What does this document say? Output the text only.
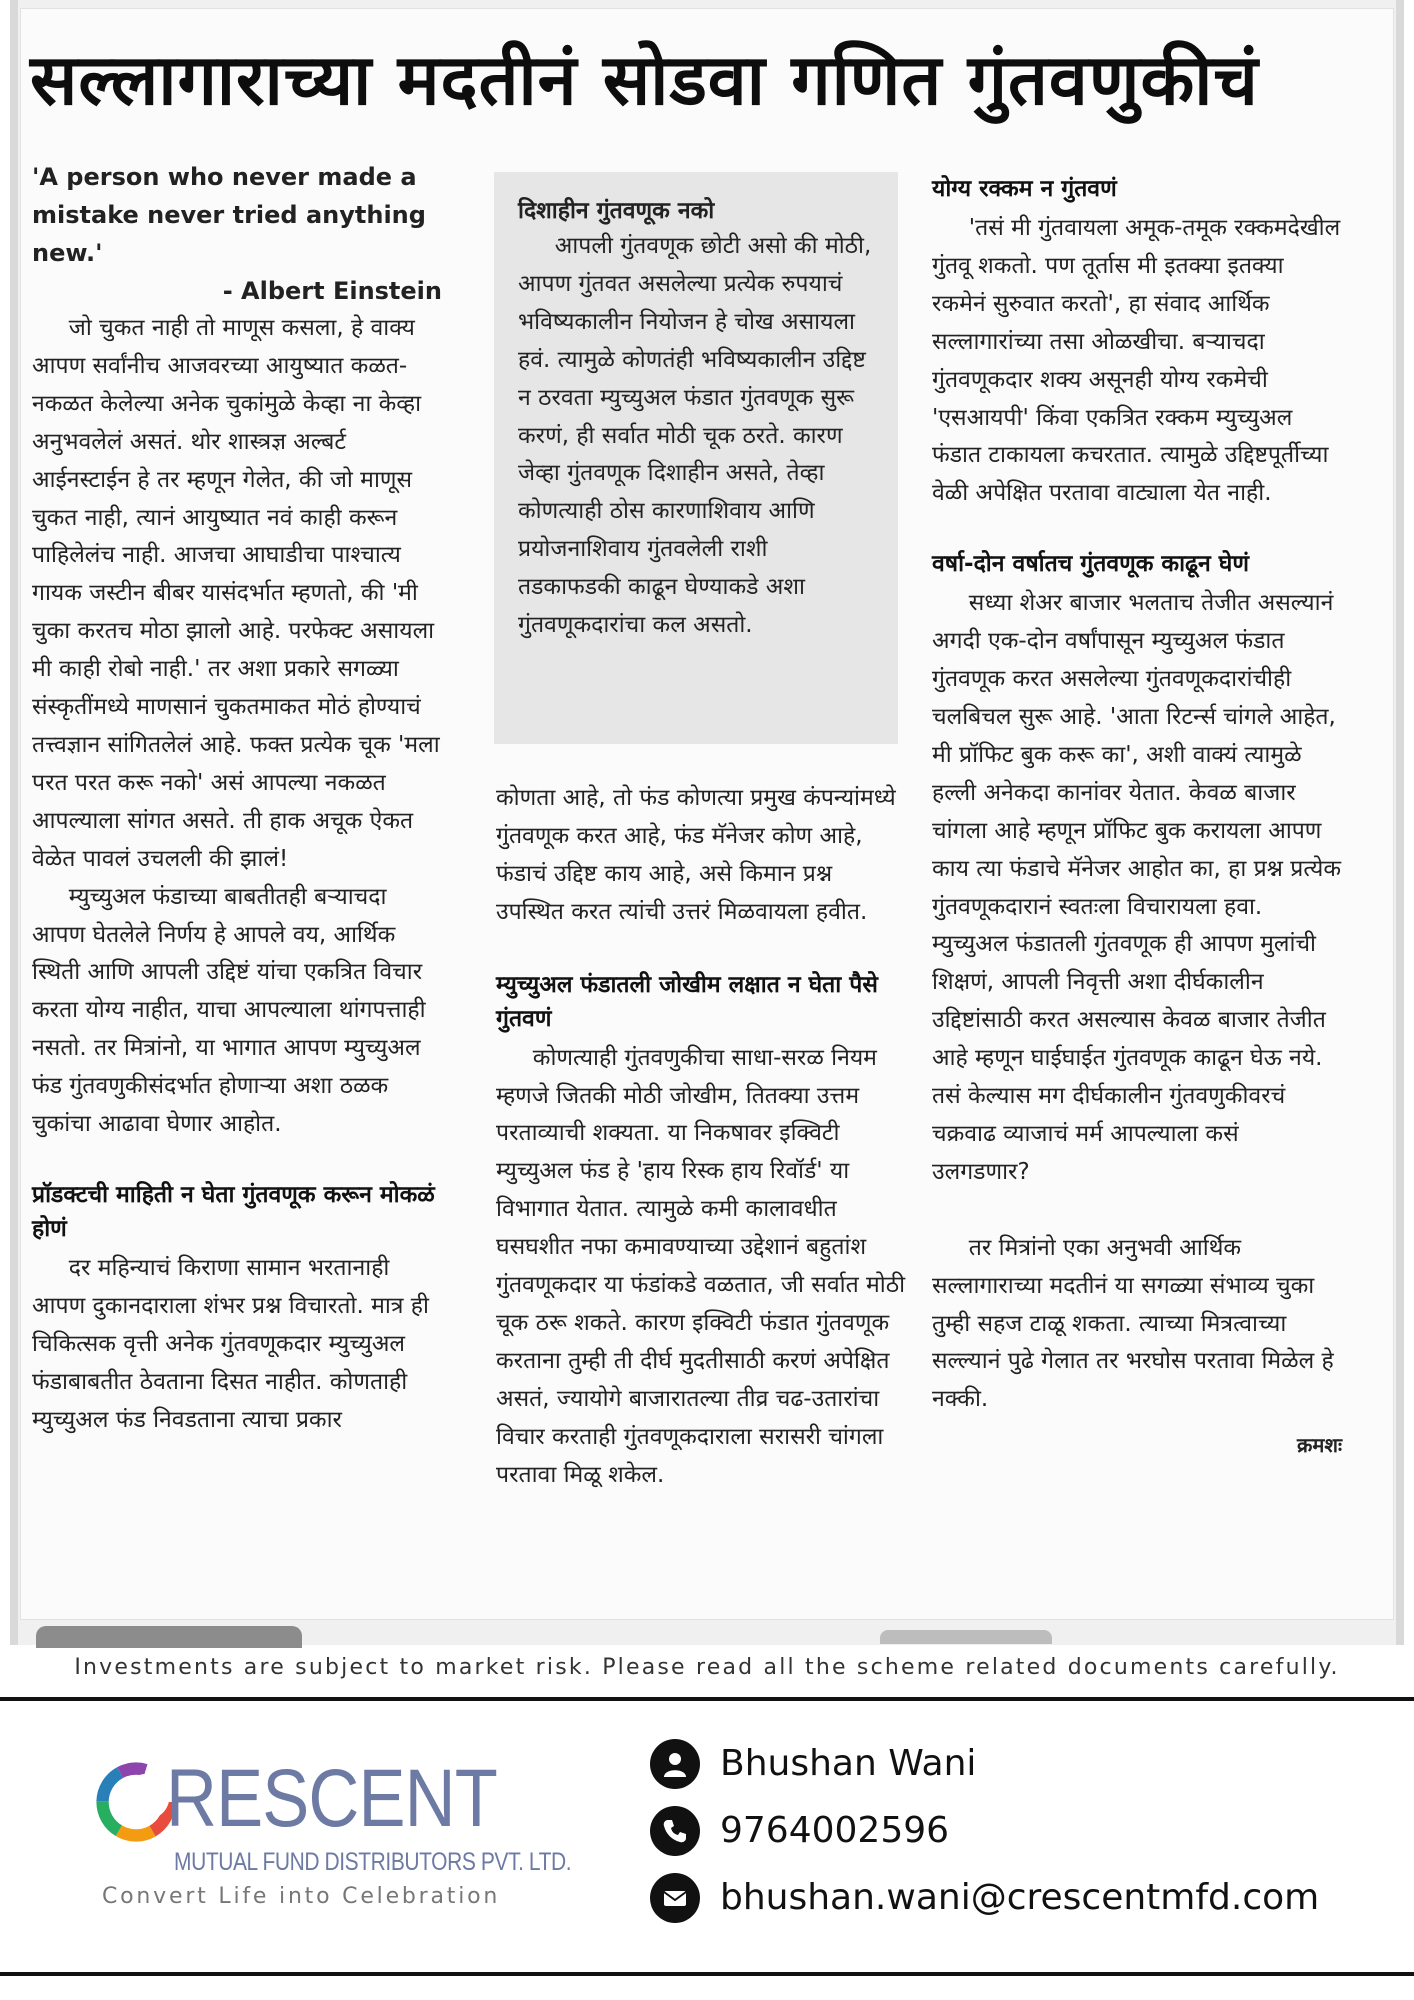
सल्लागाराच्या मदतीनं सोडवा गणित गुंतवणुकीचं

'A person who never made a

mistake never tried anything new.'

- Albert Einstein

जो चुकत नाही तो माणूस कसला, हे वाक्य आपण सर्वांनीच आजवरच्या आयुष्यात कळत-नकळत केलेल्या अनेक चुकांमुळे केव्हा ना केव्हा अनुभवलेलं असतं. थोर शास्त्रज्ञ अल्बर्ट आईनस्टाईन हे तर म्हणून गेलेत, की जो माणूस चुकत नाही, त्यानं आयुष्यात नवं काही करून पाहिलेलंच नाही. आजचा आघाडीचा पाश्चात्य गायक जस्टीन बीबर यासंदर्भात म्हणतो, की 'मी चुका करतच मोठा झालो आहे. परफेक्ट असायला मी काही रोबो नाही.' तर अशा प्रकारे सगळ्या संस्कृतींमध्ये माणसानं चुकतमाकत मोठं होण्याचं तत्त्वज्ञान सांगितलेलं आहे. फक्त प्रत्येक चूक 'मला परत परत करू नको' असं आपल्या नकळत आपल्याला सांगत असते. ती हाक अचूक ऐकत वेळेत पावलं उचलली की झालं!

म्युच्युअल फंडाच्या बाबतीतही बऱ्याचदा आपण घेतलेले निर्णय हे आपले वय, आर्थिक स्थिती आणि आपली उद्दिष्टं यांचा एकत्रित विचार करता योग्य नाहीत, याचा आपल्याला थांगपत्ताही नसतो. तर मित्रांनो, या भागात आपण म्युच्युअल फंड गुंतवणुकीसंदर्भात होणाऱ्या अशा ठळक चुकांचा आढावा घेणार आहोत.

प्रॉडक्टची माहिती न घेता गुंतवणूक करून मोकळं होणं

दर महिन्याचं किराणा सामान भरतानाही आपण दुकानदाराला शंभर प्रश्न विचारतो. मात्र ही चिकित्सक वृत्ती अनेक गुंतवणूकदार म्युच्युअल फंडाबाबतीत ठेवताना दिसत नाहीत. कोणताही म्युच्युअल फंड निवडताना त्याचा प्रकार

दिशाहीन गुंतवणूक नको

आपली गुंतवणूक छोटी असो की मोठी, आपण गुंतवत असलेल्या प्रत्येक रुपयाचं भविष्यकालीन नियोजन हे चोख असायला हवं. त्यामुळे कोणतंही भविष्यकालीन उद्दिष्ट न ठरवता म्युच्युअल फंडात गुंतवणूक सुरू करणं, ही सर्वात मोठी चूक ठरते. कारण जेव्हा गुंतवणूक दिशाहीन असते, तेव्हा कोणत्याही ठोस कारणाशिवाय आणि प्रयोजनाशिवाय गुंतवलेली राशी तडकाफडकी काढून घेण्याकडे अशा गुंतवणूकदारांचा कल असतो.

कोणता आहे, तो फंड कोणत्या प्रमुख कंपन्यांमध्ये गुंतवणूक करत आहे, फंड मॅनेजर कोण आहे, फंडाचं उद्दिष्ट काय आहे, असे किमान प्रश्न उपस्थित करत त्यांची उत्तरं मिळवायला हवीत.

म्युच्युअल फंडातली जोखीम लक्षात न घेता पैसे गुंतवणं

कोणत्याही गुंतवणुकीचा साधा-सरळ नियम म्हणजे जितकी मोठी जोखीम, तितक्या उत्तम परताव्याची शक्यता. या निकषावर इक्विटी म्युच्युअल फंड हे 'हाय रिस्क हाय रिवॉर्ड' या विभागात येतात. त्यामुळे कमी कालावधीत घसघशीत नफा कमावण्याच्या उद्देशानं बहुतांश गुंतवणूकदार या फंडांकडे वळतात, जी सर्वात मोठी चूक ठरू शकते. कारण इक्विटी फंडात गुंतवणूक करताना तुम्ही ती दीर्घ मुदतीसाठी करणं अपेक्षित असतं, ज्यायोगे बाजारातल्या तीव्र चढ-उतारांचा विचार करताही गुंतवणूकदाराला सरासरी चांगला परतावा मिळू शकेल.

योग्य रक्कम न गुंतवणं

'तसं मी गुंतवायला अमूक-तमूक रक्कमदेखील गुंतवू शकतो. पण तूर्तास मी इतक्या इतक्या रकमेनं सुरुवात करतो', हा संवाद आर्थिक सल्लागारांच्या तसा ओळखीचा. बऱ्याचदा गुंतवणूकदार शक्य असूनही योग्य रकमेची 'एसआयपी' किंवा एकत्रित रक्कम म्युच्युअल फंडात टाकायला कचरतात. त्यामुळे उद्दिष्टपूर्तीच्या वेळी अपेक्षित परतावा वाट्याला येत नाही.

वर्षा-दोन वर्षातच गुंतवणूक काढून घेणं

सध्या शेअर बाजार भलताच तेजीत असल्यानं अगदी एक-दोन वर्षांपासून म्युच्युअल फंडात गुंतवणूक करत असलेल्या गुंतवणूकदारांचीही चलबिचल सुरू आहे. 'आता रिटर्न्स चांगले आहेत, मी प्रॉफिट बुक करू का', अशी वाक्यं त्यामुळे हल्ली अनेकदा कानांवर येतात. केवळ बाजार चांगला आहे म्हणून प्रॉफिट बुक करायला आपण काय त्या फंडाचे मॅनेजर आहोत का, हा प्रश्न प्रत्येक गुंतवणूकदारानं स्वतःला विचारायला हवा. म्युच्युअल फंडातली गुंतवणूक ही आपण मुलांची शिक्षणं, आपली निवृत्ती अशा दीर्घकालीन उद्दिष्टांसाठी करत असल्यास केवळ बाजार तेजीत आहे म्हणून घाईघाईत गुंतवणूक काढून घेऊ नये. तसं केल्यास मग दीर्घकालीन गुंतवणुकीवरचं चक्रवाढ व्याजाचं मर्म आपल्याला कसं उलगडणार?

तर मित्रांनो एका अनुभवी आर्थिक सल्लागाराच्या मदतीनं या सगळ्या संभाव्य चुका तुम्ही सहज टाळू शकता. त्याच्या मित्रत्वाच्या सल्ल्यानं पुढे गेलात तर भरघोस परतावा मिळेल हे नक्की.

क्रमशः
Investments are subject to market risk. Please read all the scheme related documents carefully.
RESCENT
MUTUAL FUND DISTRIBUTORS PVT. LTD.
Convert Life into Celebration
Bhushan Wani
9764002596
bhushan.wani@crescentmfd.com
